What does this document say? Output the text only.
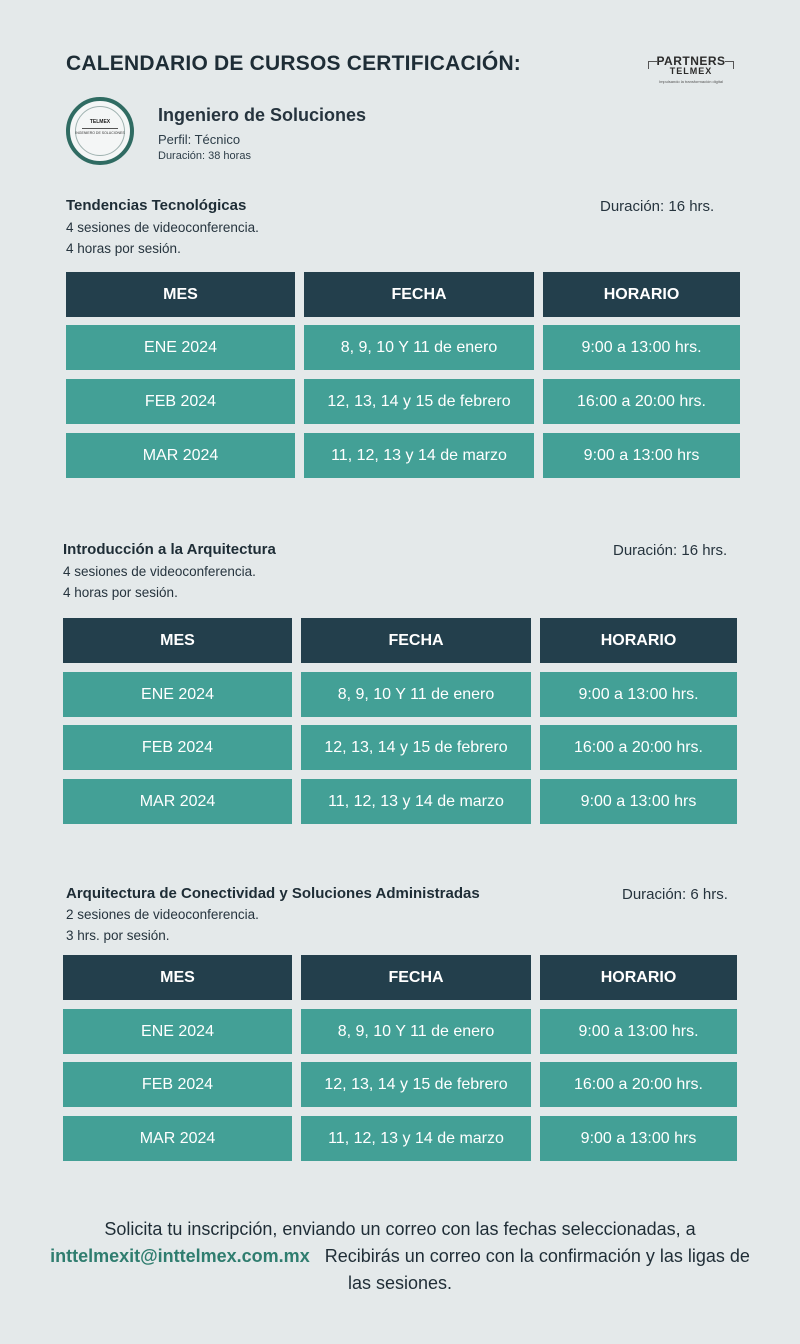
CALENDARIO DE CURSOS CERTIFICACIÓN:	PARTNERS
TELMEX
Impulsando la transformación digital
TELMEX
INGENIERO DE SOLUCIONES
Ingeniero de Soluciones
Perfil: Técnico
Duración: 38 horas
Tendencias Tecnológicas	Duración: 16 hrs.
4 sesiones de videoconferencia.
4 horas por sesión.
MES	FECHA	HORARIO
ENE 2024	8, 9, 10 Y 11 de enero	9:00 a 13:00 hrs.
FEB 2024	12, 13, 14 y 15 de febrero	16:00 a 20:00 hrs.
MAR 2024	11, 12, 13 y 14 de marzo	9:00 a 13:00 hrs
Introducción a la Arquitectura	Duración: 16 hrs.
4 sesiones de videoconferencia.
4 horas por sesión.
MES	FECHA	HORARIO
ENE 2024	8, 9, 10 Y 11 de enero	9:00 a 13:00 hrs.
FEB 2024	12, 13, 14 y 15 de febrero	16:00 a 20:00 hrs.
MAR 2024	11, 12, 13 y 14 de marzo	9:00 a 13:00 hrs
Arquitectura de Conectividad y Soluciones Administradas	Duración: 6 hrs.
2 sesiones de videoconferencia.
3 hrs. por sesión.
MES	FECHA	HORARIO
ENE 2024	8, 9, 10 Y 11 de enero	9:00 a 13:00 hrs.
FEB 2024	12, 13, 14 y 15 de febrero	16:00 a 20:00 hrs.
MAR 2024	11, 12, 13 y 14 de marzo	9:00 a 13:00 hrs
Solicita tu inscripción, enviando un correo con las fechas seleccionadas, a
inttelmexit@inttelmex.com.mx Recibirás un correo con la confirmación y las ligas de las sesiones.
